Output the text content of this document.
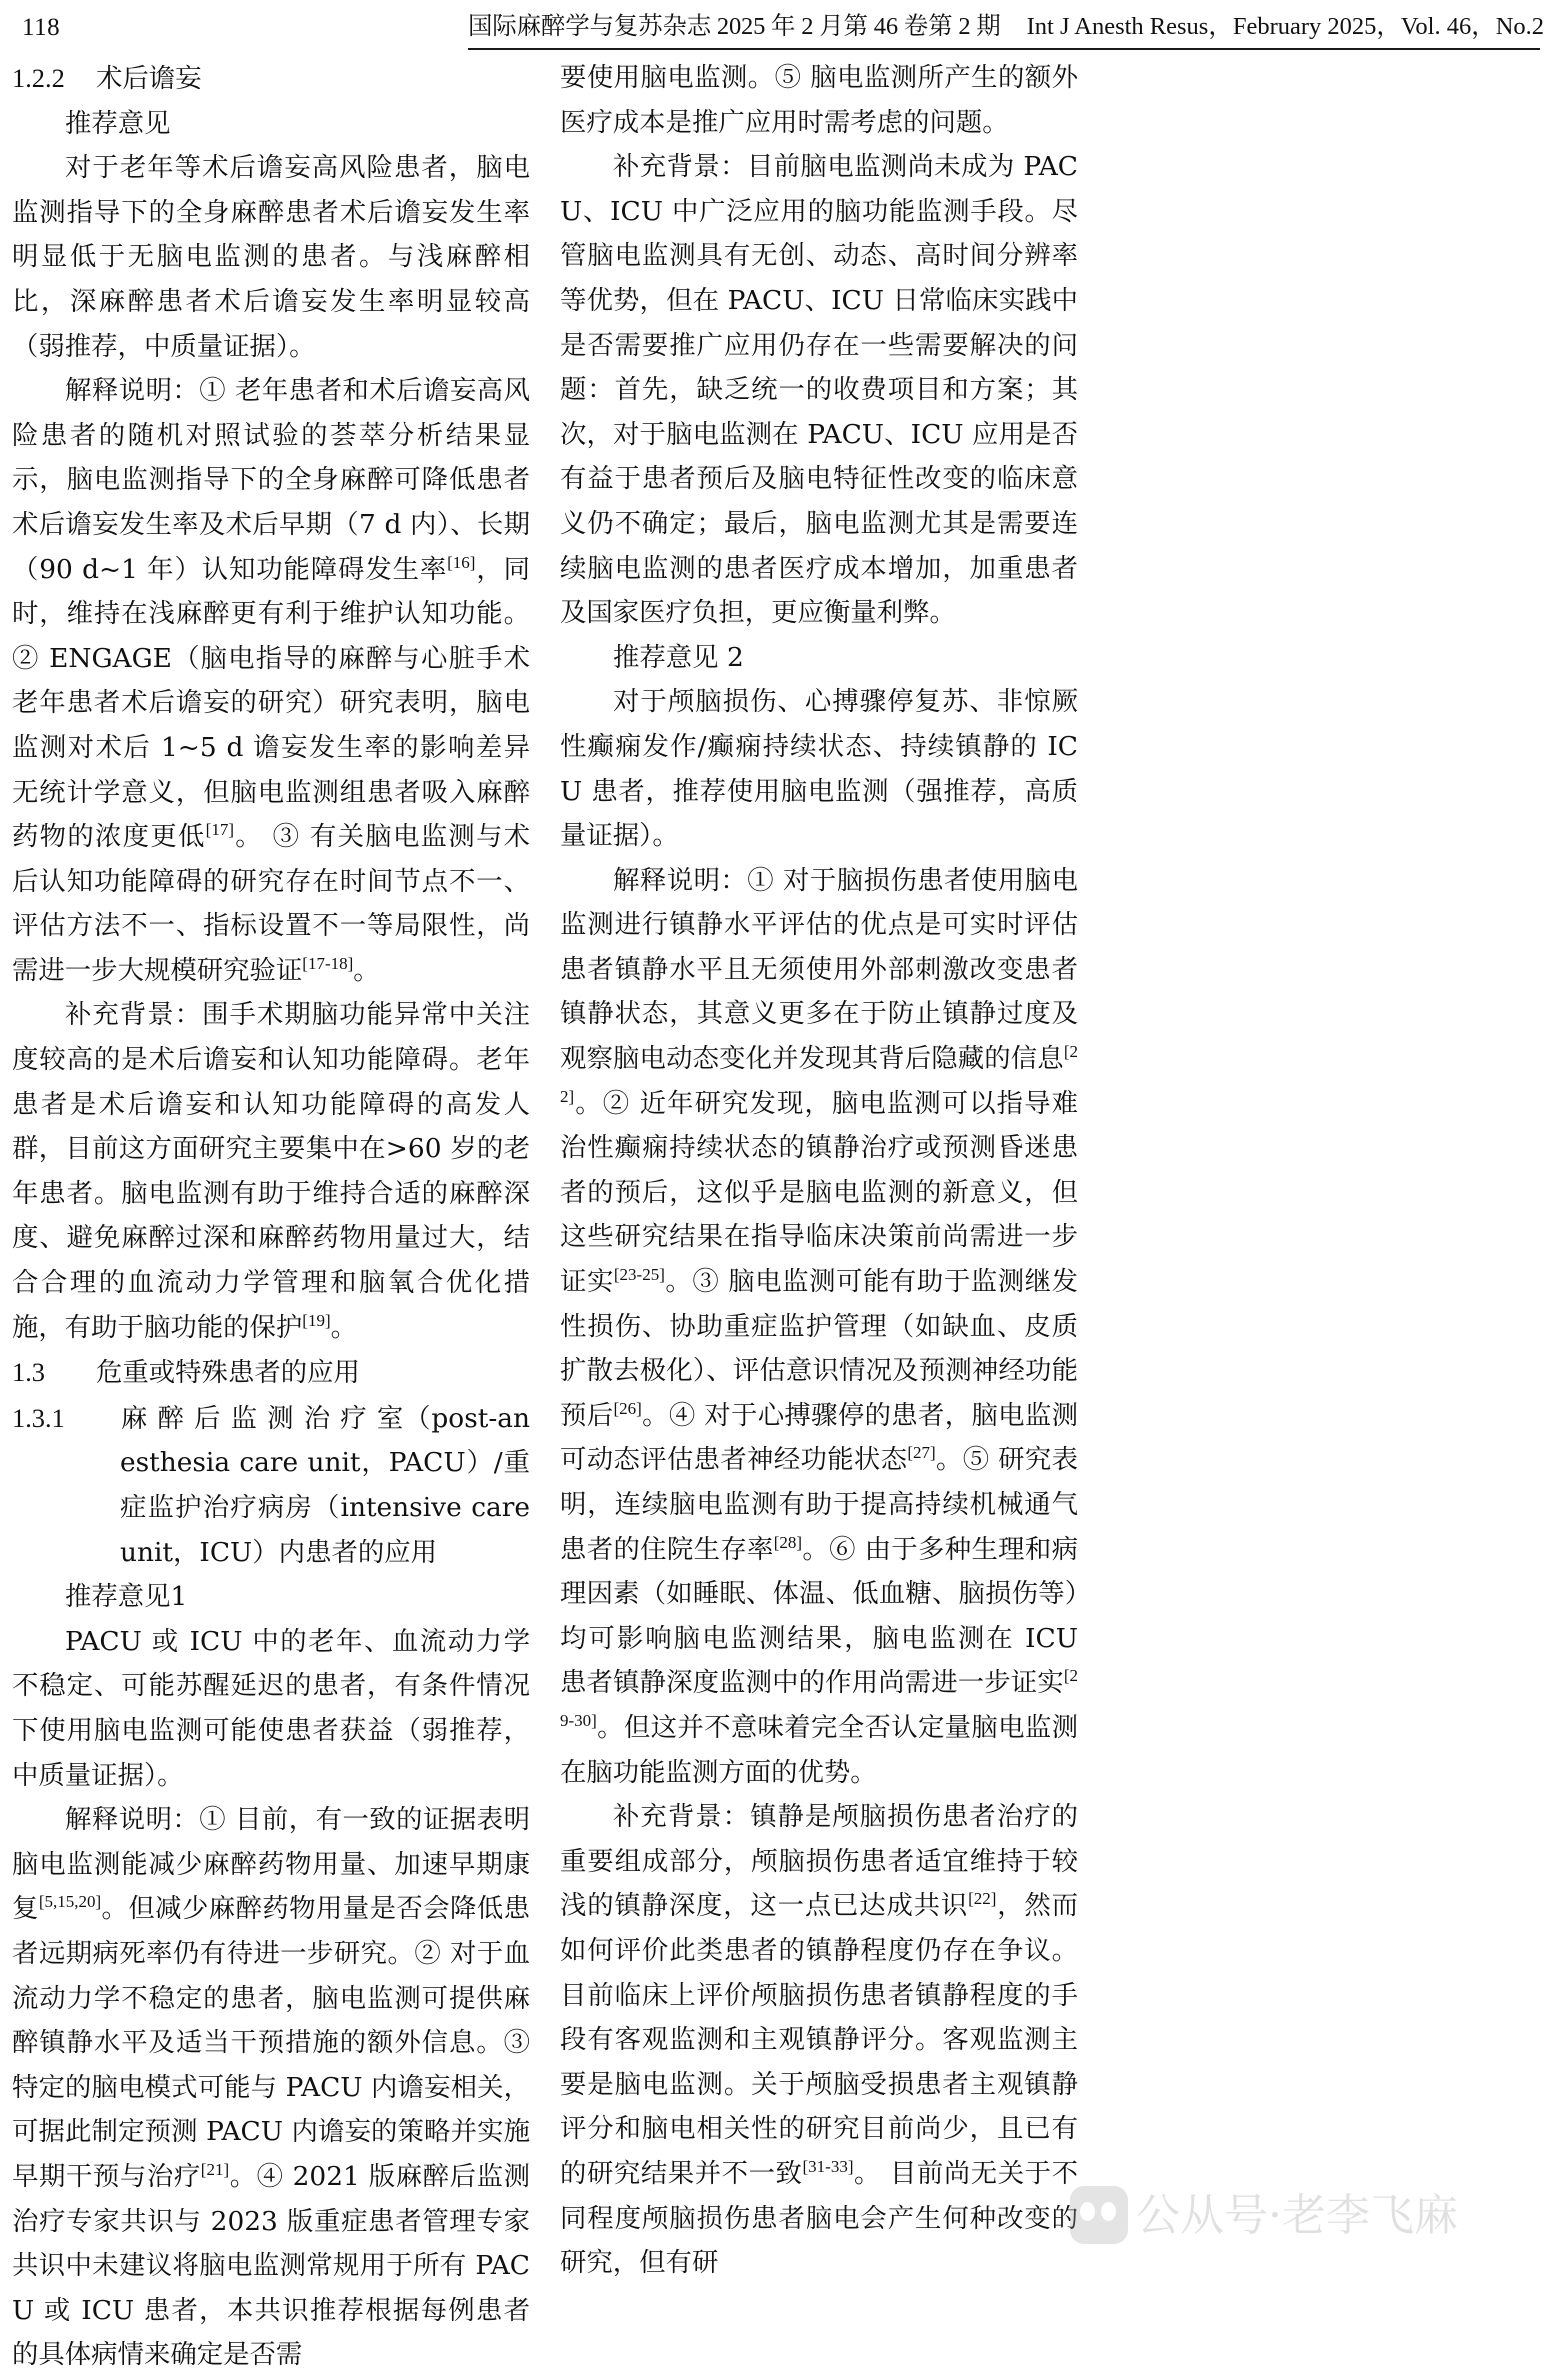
118	国际麻醉学与复苏杂志 2025 年 2 月第 46 卷第 2 期 Int J Anesth Resus，February 2025，Vol. 46，No.2
1.2.2 术后谵妄
推荐意见
对于老年等术后谵妄高风险患者，脑电监测指导下的全身麻醉患者术后谵妄发生率明显低于无脑电监测的患者。与浅麻醉相比，深麻醉患者术后谵妄发生率明显较高（弱推荐，中质量证据）。
解释说明：① 老年患者和术后谵妄高风险患者的随机对照试验的荟萃分析结果显示，脑电监测指导下的全身麻醉可降低患者术后谵妄发生率及术后早期（7 d 内）、长期（90 d~1 年）认知功能障碍发生率[16]，同时，维持在浅麻醉更有利于维护认知功能。 ② ENGAGE（脑电指导的麻醉与心脏手术老年患者术后谵妄的研究）研究表明，脑电监测对术后 1~5 d 谵妄发生率的影响差异无统计学意义，但脑电监测组患者吸入麻醉药物的浓度更低[17]。 ③ 有关脑电监测与术后认知功能障碍的研究存在时间节点不一、评估方法不一、指标设置不一等局限性，尚需进一步大规模研究验证[17-18]。
补充背景：围手术期脑功能异常中关注度较高的是术后谵妄和认知功能障碍。老年患者是术后谵妄和认知功能障碍的高发人群，目前这方面研究主要集中在>60 岁的老年患者。脑电监测有助于维持合适的麻醉深度、避免麻醉过深和麻醉药物用量过大，结合合理的血流动力学管理和脑氧合优化措施，有助于脑功能的保护[19]。
1.3 危重或特殊患者的应用
1.3.1 麻 醉 后 监 测 治 疗 室（post-anesthesia care unit，PACU）/重症监护治疗病房（intensive care unit，ICU）内患者的应用
推荐意见1
PACU 或 ICU 中的老年、血流动力学不稳定、可能苏醒延迟的患者，有条件情况下使用脑电监测可能使患者获益（弱推荐，中质量证据）。
解释说明：① 目前，有一致的证据表明脑电监测能减少麻醉药物用量、加速早期康复[5,15,20]。但减少麻醉药物用量是否会降低患者远期病死率仍有待进一步研究。② 对于血流动力学不稳定的患者，脑电监测可提供麻醉镇静水平及适当干预措施的额外信息。③ 特定的脑电模式可能与 PACU 内谵妄相关，可据此制定预测 PACU 内谵妄的策略并实施早期干预与治疗[21]。④ 2021 版麻醉后监测治疗专家共识与 2023 版重症患者管理专家共识中未建议将脑电监测常规用于所有 PACU 或 ICU 患者，本共识推荐根据每例患者的具体病情来确定是否需
要使用脑电监测。⑤ 脑电监测所产生的额外医疗成本是推广应用时需考虑的问题。
补充背景：目前脑电监测尚未成为 PACU、ICU 中广泛应用的脑功能监测手段。尽管脑电监测具有无创、动态、高时间分辨率等优势，但在 PACU、ICU 日常临床实践中是否需要推广应用仍存在一些需要解决的问题：首先，缺乏统一的收费项目和方案；其次，对于脑电监测在 PACU、ICU 应用是否有益于患者预后及脑电特征性改变的临床意义仍不确定；最后，脑电监测尤其是需要连续脑电监测的患者医疗成本增加，加重患者及国家医疗负担，更应衡量利弊。
推荐意见 2
对于颅脑损伤、心搏骤停复苏、非惊厥性癫痫发作/癫痫持续状态、持续镇静的 ICU 患者，推荐使用脑电监测（强推荐，高质量证据）。
解释说明：① 对于脑损伤患者使用脑电监测进行镇静水平评估的优点是可实时评估患者镇静水平且无须使用外部刺激改变患者镇静状态，其意义更多在于防止镇静过度及观察脑电动态变化并发现其背后隐藏的信息[22]。② 近年研究发现，脑电监测可以指导难治性癫痫持续状态的镇静治疗或预测昏迷患者的预后，这似乎是脑电监测的新意义，但这些研究结果在指导临床决策前尚需进一步证实[23-25]。③ 脑电监测可能有助于监测继发性损伤、协助重症监护管理（如缺血、皮质扩散去极化）、评估意识情况及预测神经功能预后[26]。④ 对于心搏骤停的患者，脑电监测可动态评估患者神经功能状态[27]。⑤ 研究表明，连续脑电监测有助于提高持续机械通气患者的住院生存率[28]。⑥ 由于多种生理和病理因素（如睡眠、体温、低血糖、脑损伤等）均可影响脑电监测结果，脑电监测在 ICU 患者镇静深度监测中的作用尚需进一步证实[29-30]。但这并不意味着完全否认定量脑电监测在脑功能监测方面的优势。
补充背景：镇静是颅脑损伤患者治疗的重要组成部分，颅脑损伤患者适宜维持于较浅的镇静深度，这一点已达成共识[22]，然而如何评价此类患者的镇静程度仍存在争议。目前临床上评价颅脑损伤患者镇静程度的手段有客观监测和主观镇静评分。客观监测主要是脑电监测。关于颅脑受损患者主观镇静评分和脑电相关性的研究目前尚少，且已有的研究结果并不一致[31-33]。 目前尚无关于不同程度颅脑损伤患者脑电会产生何种改变的研究，但有研
公从号·老李飞麻
